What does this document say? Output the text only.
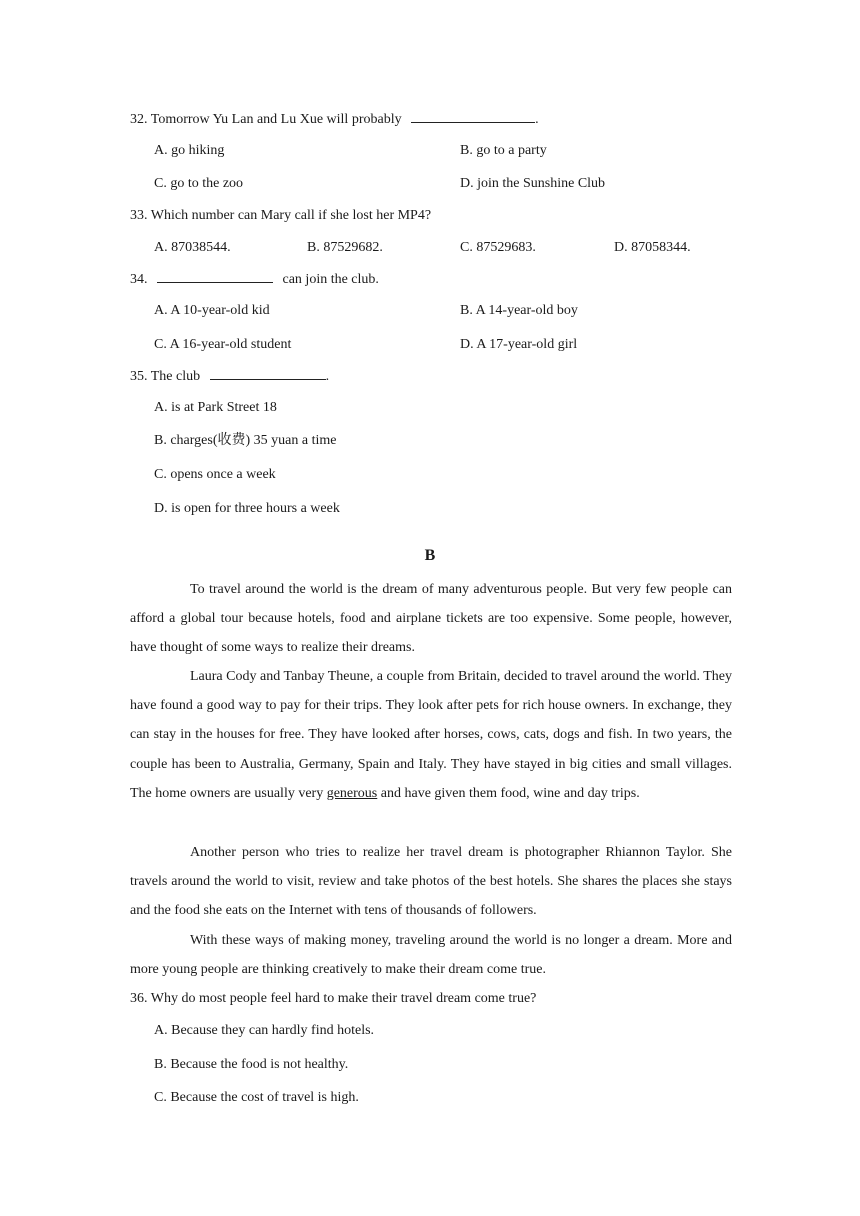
32. Tomorrow Yu Lan and Lu Xue will probably	.
A. go hiking	B. go to a party
C. go to the zoo	D. join the Sunshine Club
33. Which number can Mary call if she lost her MP4?
A. 87038544.	B. 87529682.	C. 87529683.	D. 87058344.
34.	can join the club.
A. A 10-year-old kid	B. A 14-year-old boy
C. A 16-year-old student	D. A 17-year-old girl
35. The club	.
A. is at Park Street 18
B. charges(收费) 35 yuan a time
C. opens once a week
D. is open for three hours a week
B

To travel around the world is the dream of many adventurous people. But very few people can afford a global tour because hotels, food and airplane tickets are too expensive. Some people, however, have thought of some ways to realize their dreams.

Laura Cody and Tanbay Theune, a couple from Britain, decided to travel around the world. They have found a good way to pay for their trips. They look after pets for rich house owners. In exchange, they can stay in the houses for free. They have looked after horses, cows, cats, dogs and fish. In two years, the couple has been to Australia, Germany, Spain and Italy. They have stayed in big cities and small villages. The home owners are usually very generous and have given them food, wine and day trips.

Another person who tries to realize her travel dream is photographer Rhiannon Taylor. She travels around the world to visit, review and take photos of the best hotels. She shares the places she stays and the food she eats on the Internet with tens of thousands of followers.

With these ways of making money, traveling around the world is no longer a dream. More and more young people are thinking creatively to make their dream come true.

36. Why do most people feel hard to make their travel dream come true?
A. Because they can hardly find hotels.
B. Because the food is not healthy.
C. Because the cost of travel is high.
